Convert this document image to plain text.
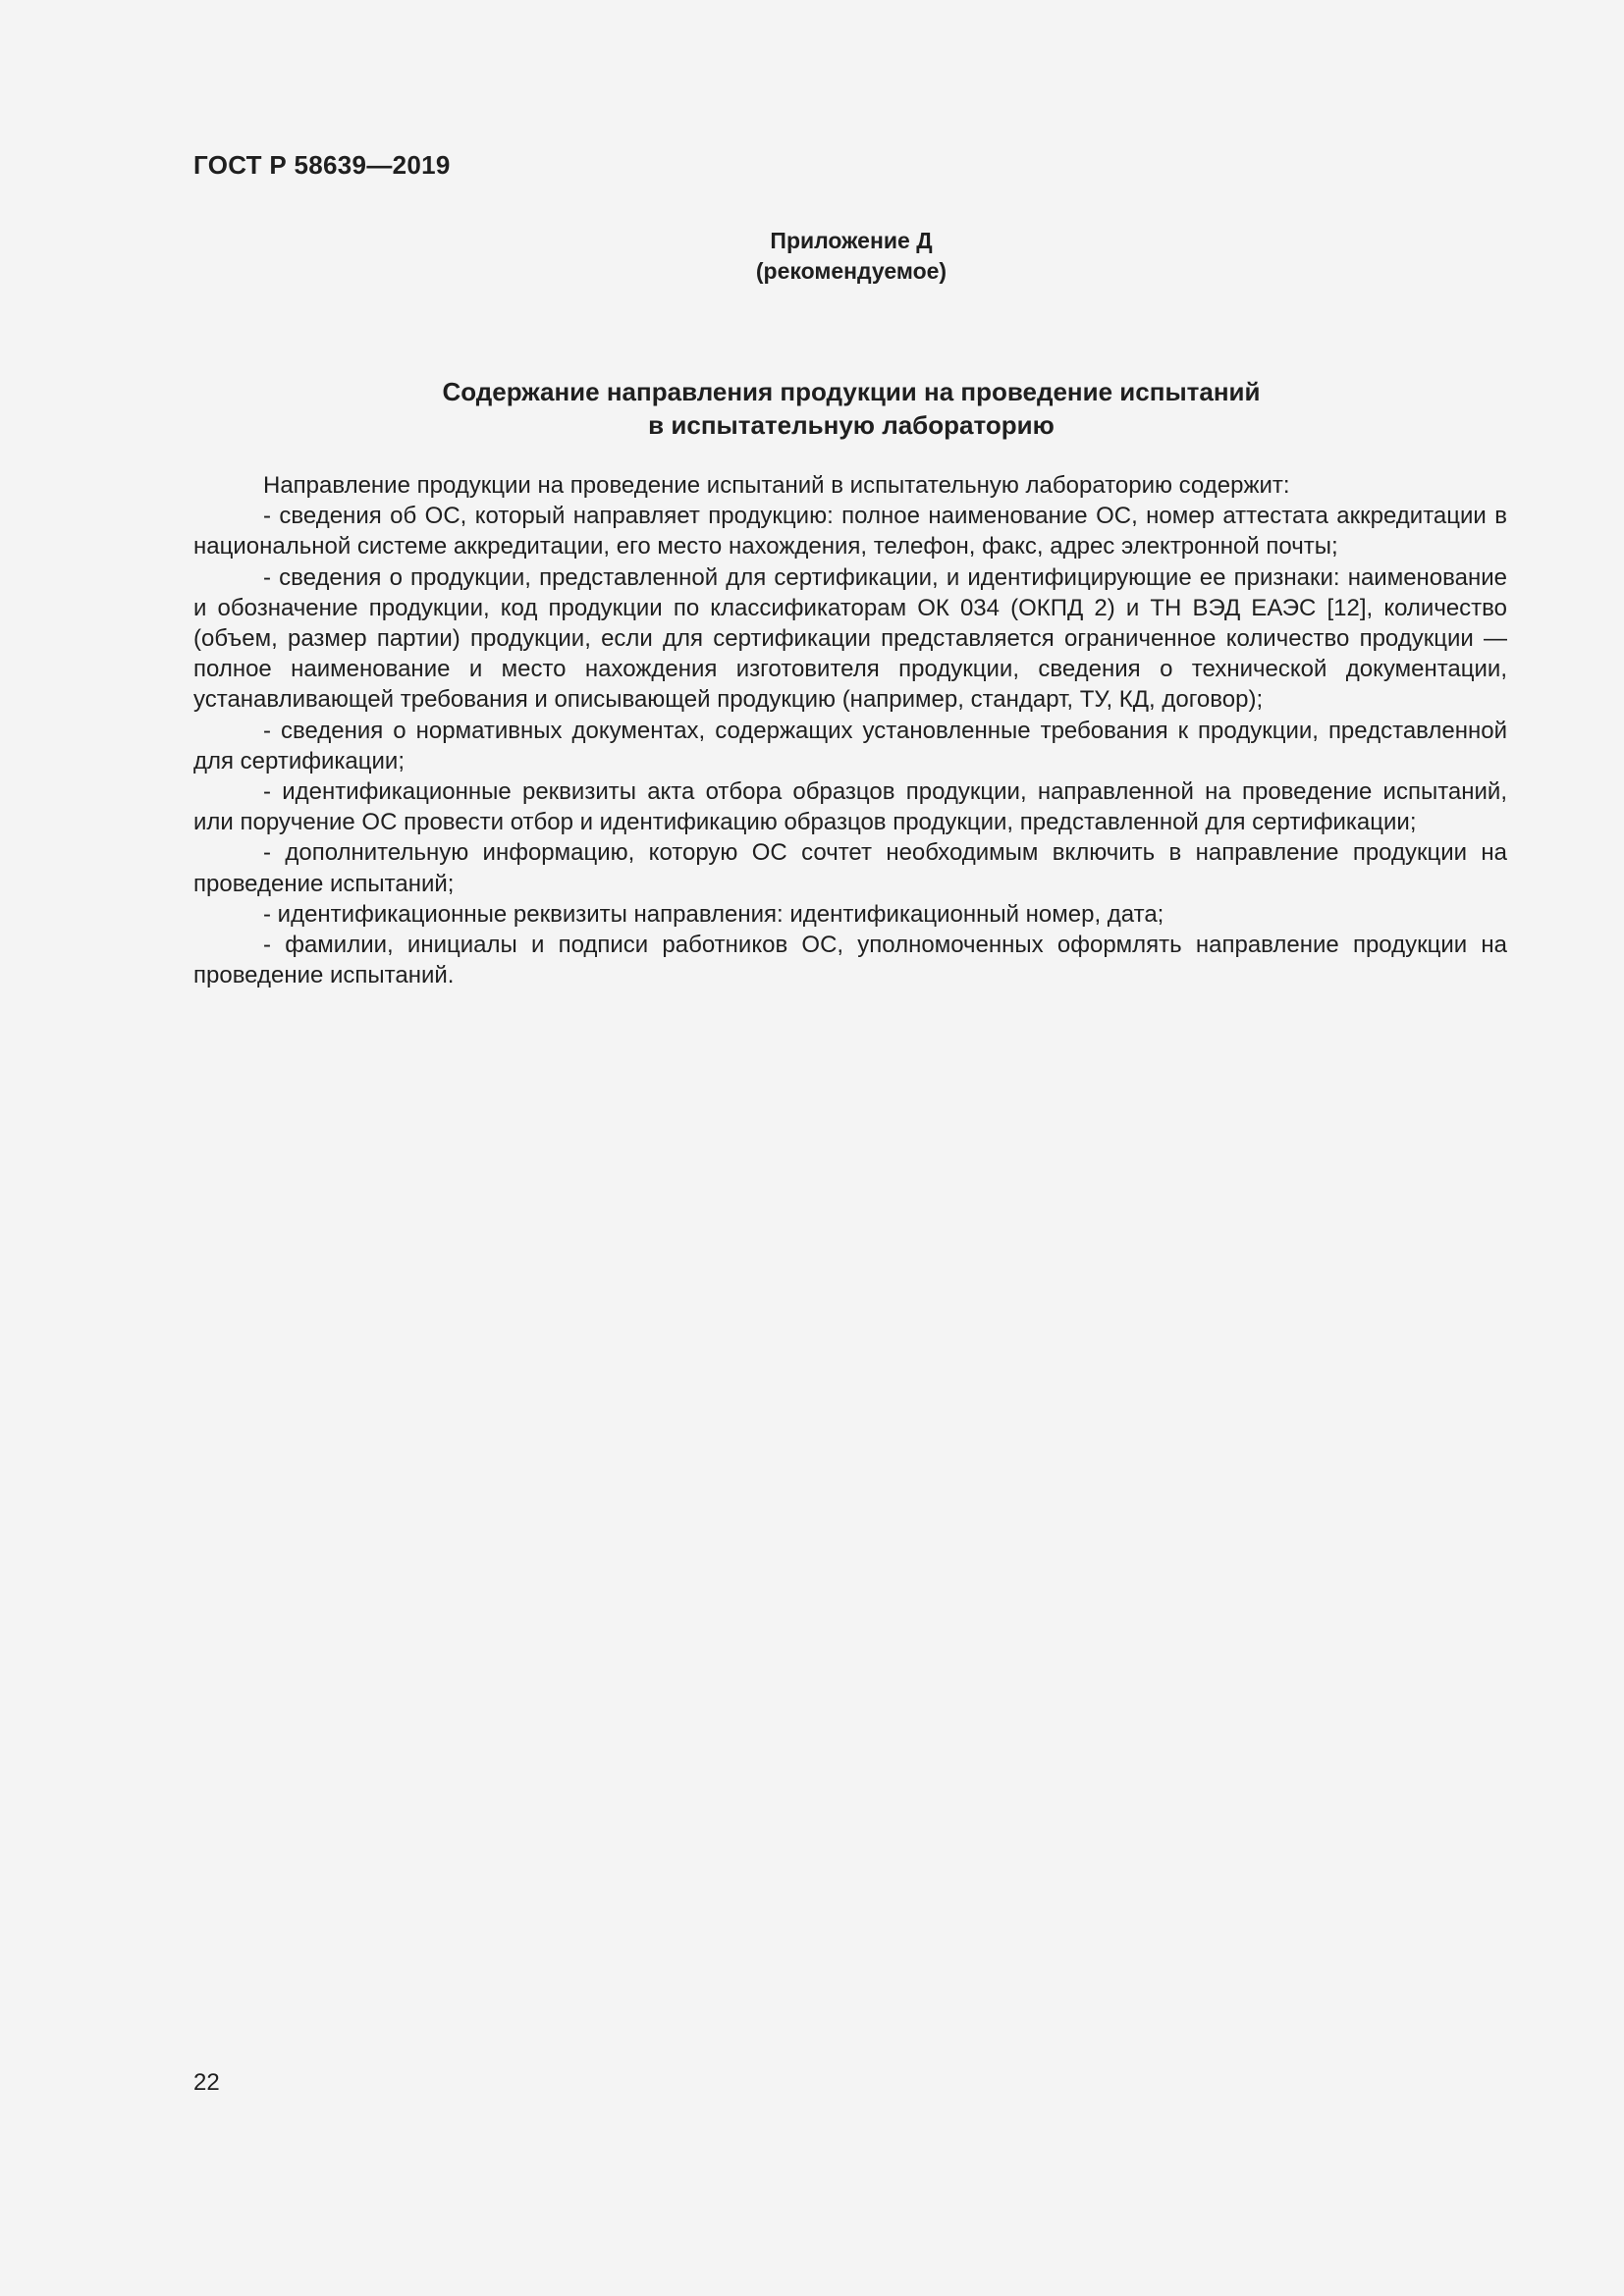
ГОСТ Р 58639—2019
Приложение Д
(рекомендуемое)
Содержание направления продукции на проведение испытаний
в испытательную лабораторию

Направление продукции на проведение испытаний в испытательную лабораторию содержит:

- сведения об ОС, который направляет продукцию: полное наименование ОС, номер аттестата аккредитации в национальной системе аккредитации, его место нахождения, телефон, факс, адрес электронной почты;

- сведения о продукции, представленной для сертификации, и идентифицирующие ее признаки: наименование и обозначение продукции, код продукции по классификаторам ОК 034 (ОКПД 2) и ТН ВЭД ЕАЭС [12], количество (объем, размер партии) продукции, если для сертификации представляется ограниченное количество продукции — полное наименование и место нахождения изготовителя продукции, сведения о технической документации, устанавливающей требования и описывающей продукцию (например, стандарт, ТУ, КД, договор);

- сведения о нормативных документах, содержащих установленные требования к продукции, представленной для сертификации;

- идентификационные реквизиты акта отбора образцов продукции, направленной на проведение испытаний, или поручение ОС провести отбор и идентификацию образцов продукции, представленной для сертификации;

- дополнительную информацию, которую ОС сочтет необходимым включить в направление продукции на проведение испытаний;

- идентификационные реквизиты направления: идентификационный номер, дата;

- фамилии, инициалы и подписи работников ОС, уполномоченных оформлять направление продукции на проведение испытаний.

22
